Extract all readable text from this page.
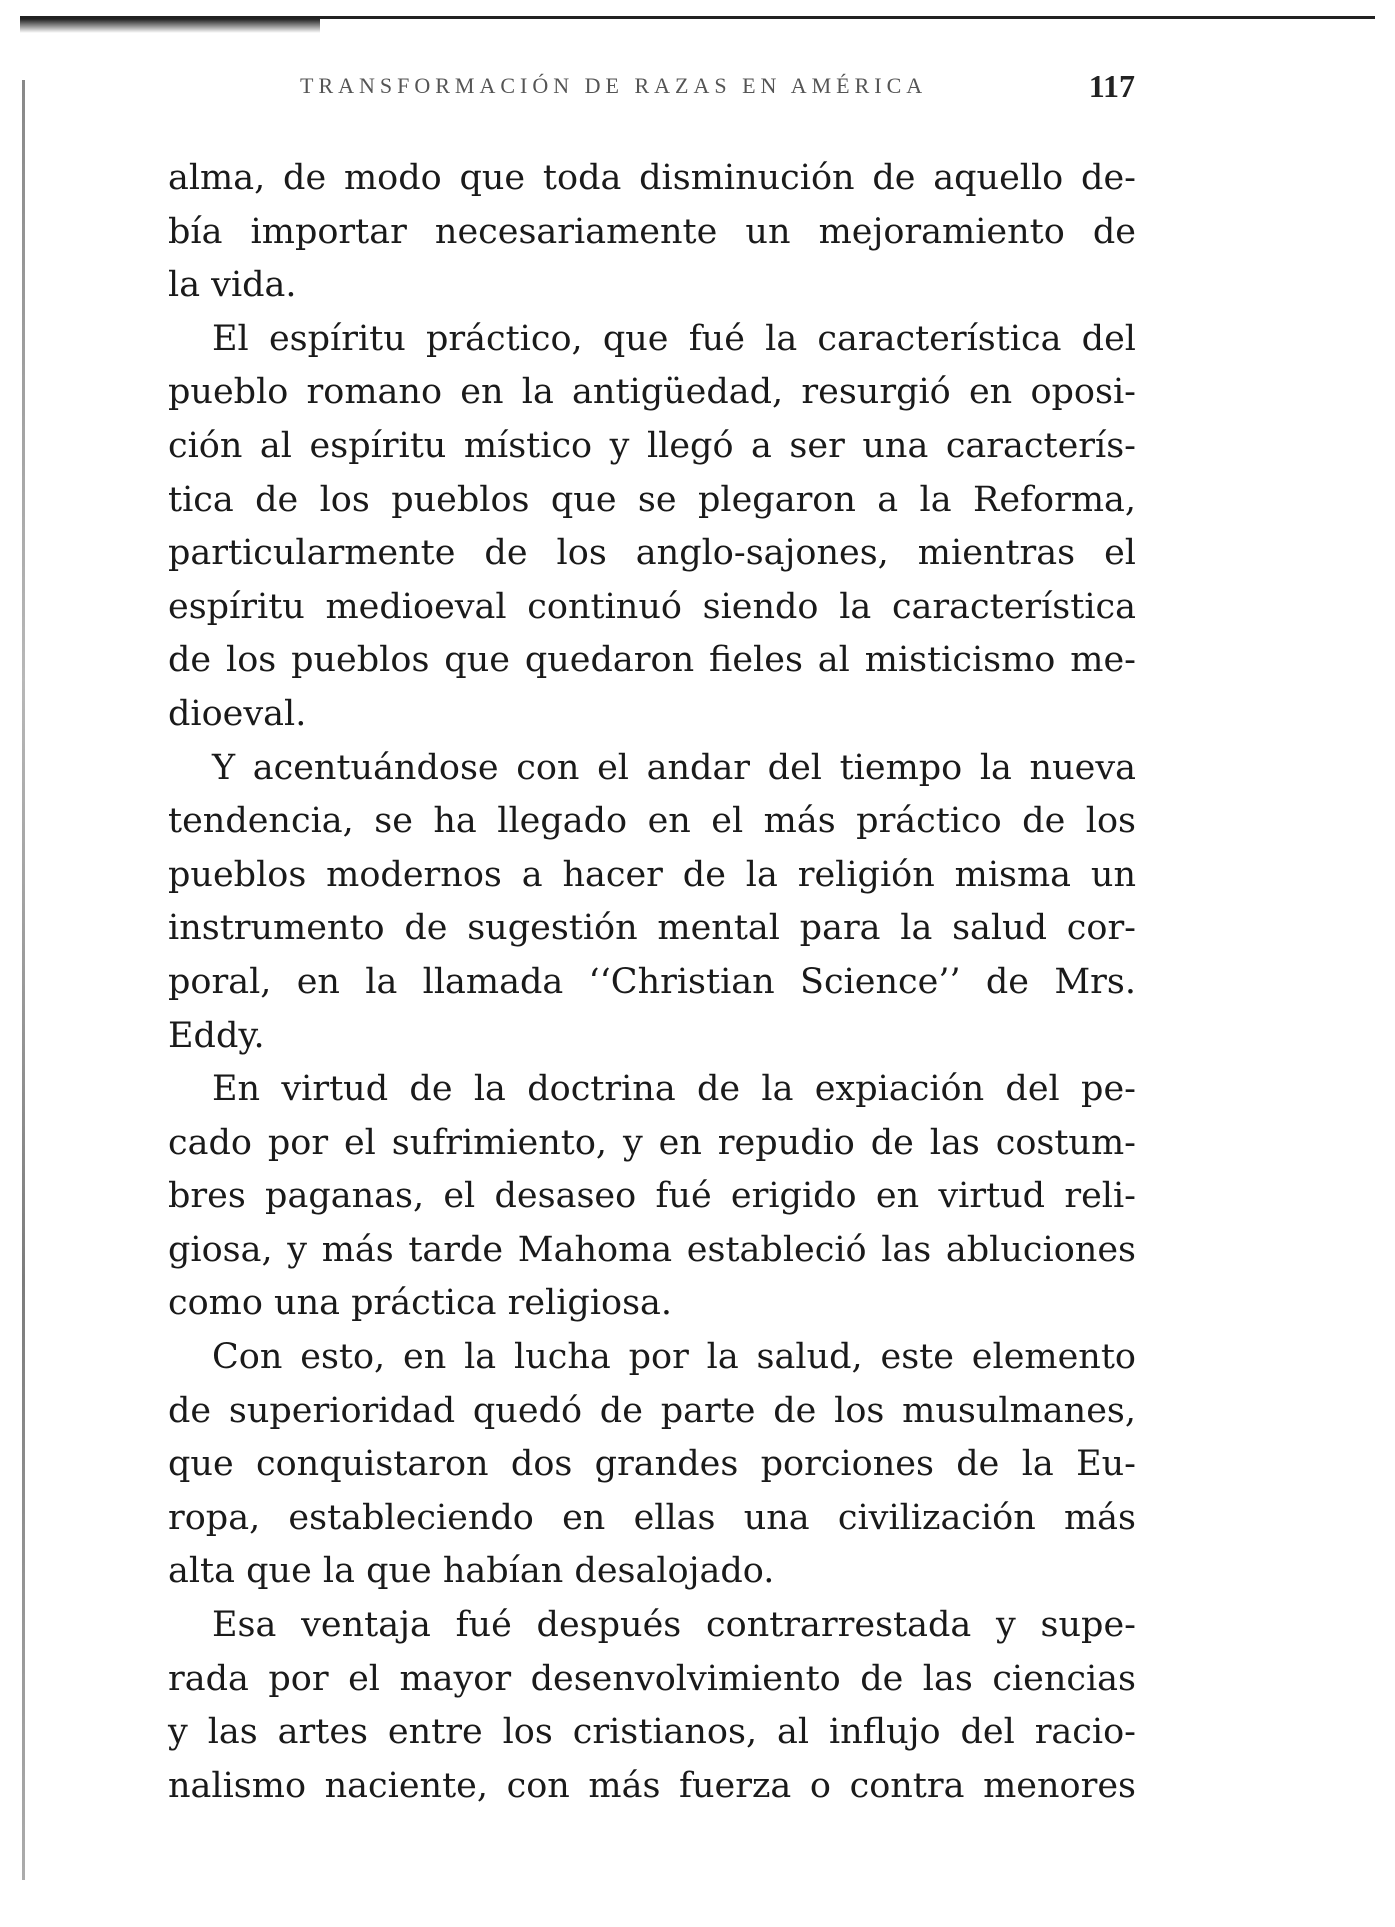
TRANSFORMACIÓN DE RAZAS EN AMÉRICA	117
alma, de modo que toda disminución de aquello de-
bía importar necesariamente un mejoramiento de
la vida.
El espíritu práctico, que fué la característica del
pueblo romano en la antigüedad, resurgió en oposi-
ción al espíritu místico y llegó a ser una caracterís-
tica de los pueblos que se plegaron a la Reforma,
particularmente de los anglo-sajones, mientras el
espíritu medioeval continuó siendo la característica
de los pueblos que quedaron fieles al misticismo me-
dioeval.
Y acentuándose con el andar del tiempo la nueva
tendencia, se ha llegado en el más práctico de los
pueblos modernos a hacer de la religión misma un
instrumento de sugestión mental para la salud cor-
poral, en la llamada ‘‘Christian Science’’ de Mrs.
Eddy.
En virtud de la doctrina de la expiación del pe-
cado por el sufrimiento, y en repudio de las costum-
bres paganas, el desaseo fué erigido en virtud reli-
giosa, y más tarde Mahoma estableció las abluciones
como una práctica religiosa.
Con esto, en la lucha por la salud, este elemento
de superioridad quedó de parte de los musulmanes,
que conquistaron dos grandes porciones de la Eu-
ropa, estableciendo en ellas una civilización más
alta que la que habían desalojado.
Esa ventaja fué después contrarrestada y supe-
rada por el mayor desenvolvimiento de las ciencias
y las artes entre los cristianos, al influjo del racio-
nalismo naciente, con más fuerza o contra menores
